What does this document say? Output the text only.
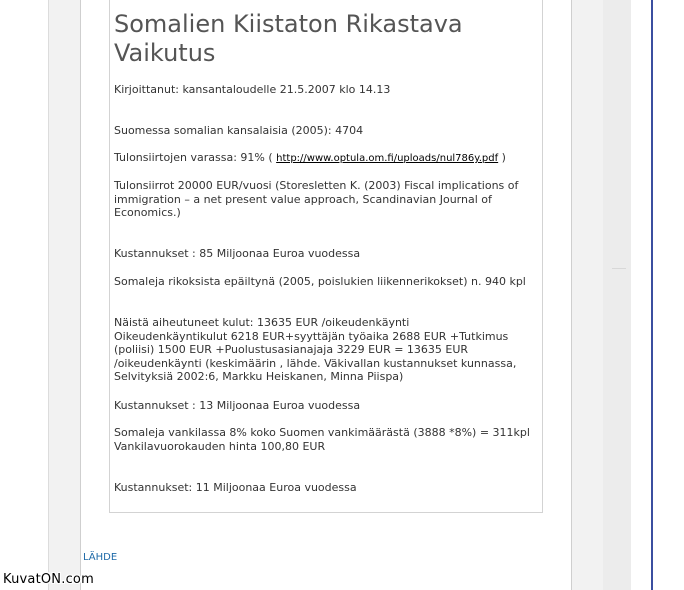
Somalien Kiistaton Rikastava Vaikutus

Kirjoittanut: kansantaloudelle 21.5.2007 klo 14.13

Suomessa somalian kansalaisia (2005): 4704

Tulonsiirtojen varassa: 91% ( http://www.optula.om.fi/uploads/nul786y.pdf )

Tulonsiirrot 20000 EUR/vuosi (Storesletten K. (2003) Fiscal implications of immigration – a net present value approach, Scandinavian Journal of Economics.)

Kustannukset : 85 Miljoonaa Euroa vuodessa

Somaleja rikoksista epäiltynä (2005, poislukien liikennerikokset) n. 940 kpl

Näistä aiheutuneet kulut: 13635 EUR /oikeudenkäynti
Oikeudenkäyntikulut 6218 EUR+syyttäjän työaika 2688 EUR +Tutkimus (poliisi) 1500 EUR +Puolustusasianajaja 3229 EUR = 13635 EUR /oikeudenkäynti (keskimäärin , lähde. Väkivallan kustannukset kunnassa, Selvityksiä 2002:6, Markku Heiskanen, Minna Piispa)

Kustannukset : 13 Miljoonaa Euroa vuodessa

Somaleja vankilassa 8% koko Suomen vankimäärästä (3888 *8%) = 311kpl
Vankilavuorokauden hinta 100,80 EUR

Kustannukset: 11 Miljoonaa Euroa vuodessa

LÄHDE
KuvatON.com
